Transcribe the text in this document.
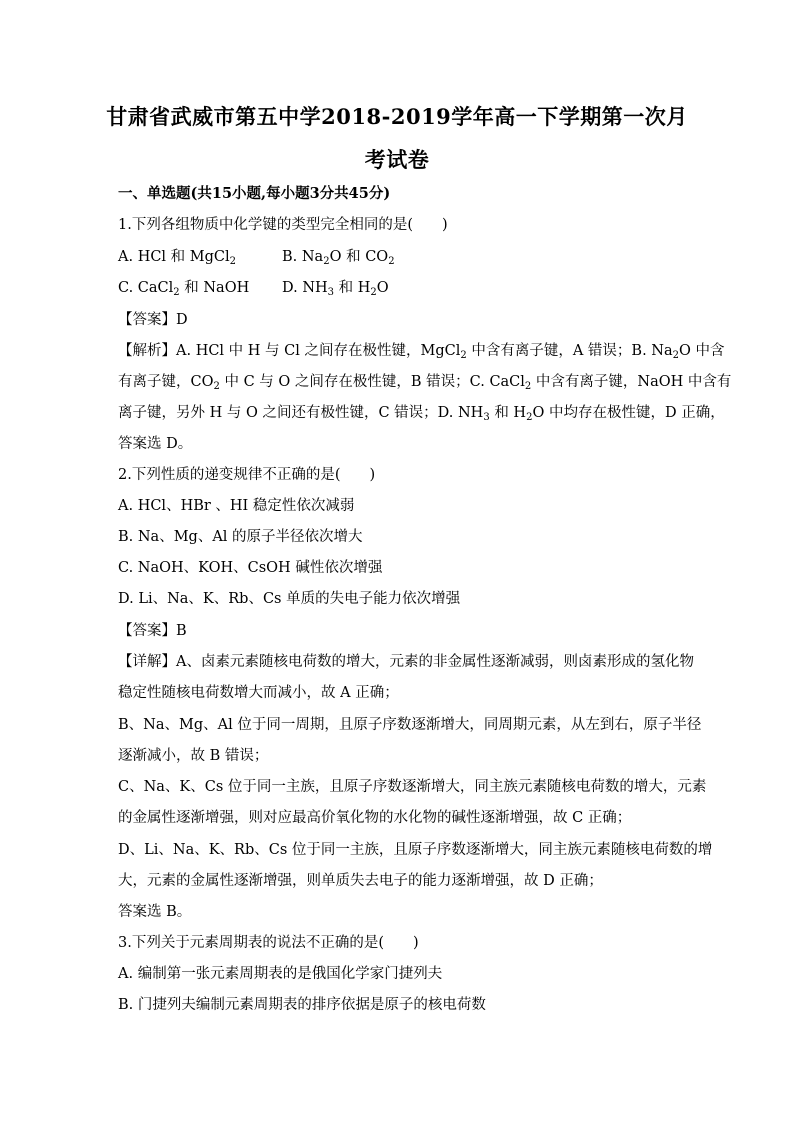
甘肃省武威市第五中学2018-2019学年高一下学期第一次月
考试卷
一、单选题(共15小题,每小题3分共45分)
1.下列各组物质中化学键的类型完全相同的是(　　)
A. HCl 和 MgCl$_2$	B. $Na_2O$ 和 $CO_2$
C. CaCl$_2$ 和 NaOH D. $NH_3$ 和 $H_2O$
【答案】D
【解析】A. HCl 中 H 与 Cl 之间存在极性键，MgCl$_2$ 中含有离子键，A 错误；B. $Na_2O$ 中含
有离子键，$CO_2$ 中 C 与 O 之间存在极性键，B 错误；C. CaCl$_2$ 中含有离子键，NaOH 中含有
离子键，另外 H 与 O 之间还有极性键，C 错误；D. $NH_3$ 和 $H_2O$ 中均存在极性键，D 正确，
答案选 D。
2.下列性质的递变规律不正确的是(　　)
A. HCl、HBr 、HI 稳定性依次减弱
B. Na、Mg、Al 的原子半径依次增大
C. NaOH、KOH、CsOH 碱性依次增强
D. Li、Na、K、Rb、Cs 单质的失电子能力依次增强
【答案】B
【详解】A、卤素元素随核电荷数的增大，元素的非金属性逐渐减弱，则卤素形成的氢化物
稳定性随核电荷数增大而减小，故 A 正确；
B、Na、Mg、Al 位于同一周期，且原子序数逐渐增大，同周期元素，从左到右，原子半径
逐渐减小，故 B 错误；
C、Na、K、Cs 位于同一主族，且原子序数逐渐增大，同主族元素随核电荷数的增大，元素
的金属性逐渐增强，则对应最高价氧化物的水化物的碱性逐渐增强，故 C 正确；
D、Li、Na、K、Rb、Cs 位于同一主族，且原子序数逐渐增大，同主族元素随核电荷数的增
大，元素的金属性逐渐增强，则单质失去电子的能力逐渐增强，故 D 正确；
答案选 B。
3.下列关于元素周期表的说法不正确的是(　　)
A. 编制第一张元素周期表的是俄国化学家门捷列夫
B. 门捷列夫编制元素周期表的排序依据是原子的核电荷数
